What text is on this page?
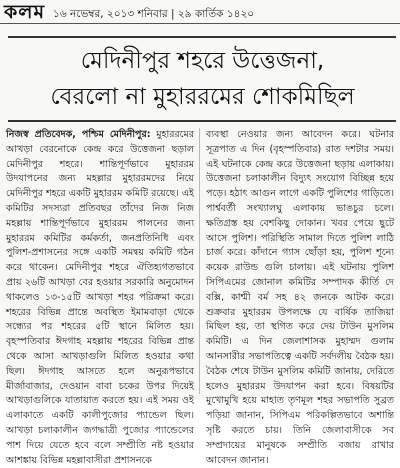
কলম ১৬ নভেম্বর, ২০১৩ শনিবার | ২৯ কার্তিক ১৪২০
মেদিনীপুর শহরে উত্তেজনা,
বেরলো না মুহাররমের শোকমিছিল
নিজস্ব প্রতিবেদক, পশ্চিম মেদিনীপুর: মুহাররমের আখড়া বেরনোকে কেন্দ্র করে উত্তেজনা ছড়াল মেদিনীপুর শহরে। শান্তিপূর্ণভাবে মুহাররম উদযাপনের জন্য মহল্লার মুহাররমদের নিয়ে মেদিনীপুর শহরে একটি মুহাররম কমিটি রয়েছে। এই কমিটির সদস্যরা প্রতিবছর তাঁদের নিজ নিজ মহল্লায় শান্তিপূর্ণভাবে মুহাররম পালনের জন্য মুহাররম কমিটির কর্মকর্তা, জনপ্রতিনিধি এবং পুলিশ-প্রশাসনের সঙ্গে একটি সমন্বয় কমিটি গঠন করে থাকেন। মেদিনীপুর শহরে ঐতিহ্যগতভাবে প্রায় ২৬টি আখড়া বের হওয়ার সরকারি অনুমোদন থাকলেও ১৩-১৫টি আখড়া শহর পরিক্রমা করে। শহরের বিভিন্ন প্রান্তে অবস্থিত ইমামবাড়া থেকে সন্ধ্যের পর শহরের ৫টি স্থানে মিলিত হয়। বৃহস্পতিবার ঈদগাহ মহল্লায় শহরের বিভিন্ন প্রান্ত থেকে আসা আখড়াগুলি মিলিত হওয়ার কথা ছিল। ঈদগাহ আসতে হলে অনুরূপভাবে মীর্জাবাজার, দেওয়ান বাবা চকের উপর দিয়েই আখড়াগুলিকে যাতায়াত করতে হয়। এই সময় ওই এলাকাতে একটি কালীপুজোর প্যান্ডেল ছিল। আখড়া চলাকালীন জগদ্ধাত্রী পুজোর প্যান্ডেলের পাশ দিয়ে যেতে হবে বলে সম্প্রীতি নষ্ট হওয়ার আশঙ্কায় বিভিন্ন মহল্লাবাসীরা প্রশাসনকে
ব্যবস্থা নেওয়ার জন্য আবেদন করে। ঘটনার সূত্রপাত এ দিন (বৃহস্পতিবার) রাত দশটার সময়। এই ঘটনাকে কেন্দ্র করে উত্তেজনা ছড়ায় এলাকায়। উত্তেজনা চলাকালীন বিদ্যুৎ সংযোগ বিচ্ছিন্ন হয়ে পড়ে। হঠাৎ আগুন লাগে একটি পুলিশের গাড়িতে। পার্শ্ববর্তী সংখ্যালঘু এলাকায় ভাঙচুর চলে। ক্ষতিগ্রস্ত হয় বেশকিছু দোকান। খবর পেয়ে ছুটে আসে পুলিশ। পরিস্থিতি সামাল দিতে পুলিশ লাঠি চার্জ করে। কাঁদানে গ্যাস ছোঁড়া হয়, পুলিশ শূন্যে কয়েক রাউন্ড গুলি চালায়। এই ঘটনায় পুলিশ সিপিএমের জোনাল কমিটির সম্পাদক কীর্তি দে বক্সি, কাশ্মী বর্ম সহ ৪২ জনকে আটক করে। শুক্রবার মুহাররম উপলক্ষে যে বার্ষিক তাজিয়া মিছিল হয়, তা স্থগিত করে দেয় টাউন মুসলিম কমিটি। এ দিন জেলাশাসক মুহাম্মদ গুলাম আনসারীর সভাপতিত্বে একটি সর্বদলীয় বৈঠক হয়। বৈঠক শেষে টাউন মুসলিম কমিটি জানায়, দেরিতে হলেও মুহাররম উদযাপন করা হবে। বিষয়টির মুখোমুখি হয়ে মাহাত তৃণমূল শহর সভাপতি সুব্রত পড়িয়া জানান, সিপিএম পরিকল্পিতভাবে অশান্তি সৃষ্টি করতে চায়। তিনি জেলাবাসীকে সব সম্প্রদায়ের মানুষকে সম্প্রীতি বজায় রাখার আবেদন জানান।
